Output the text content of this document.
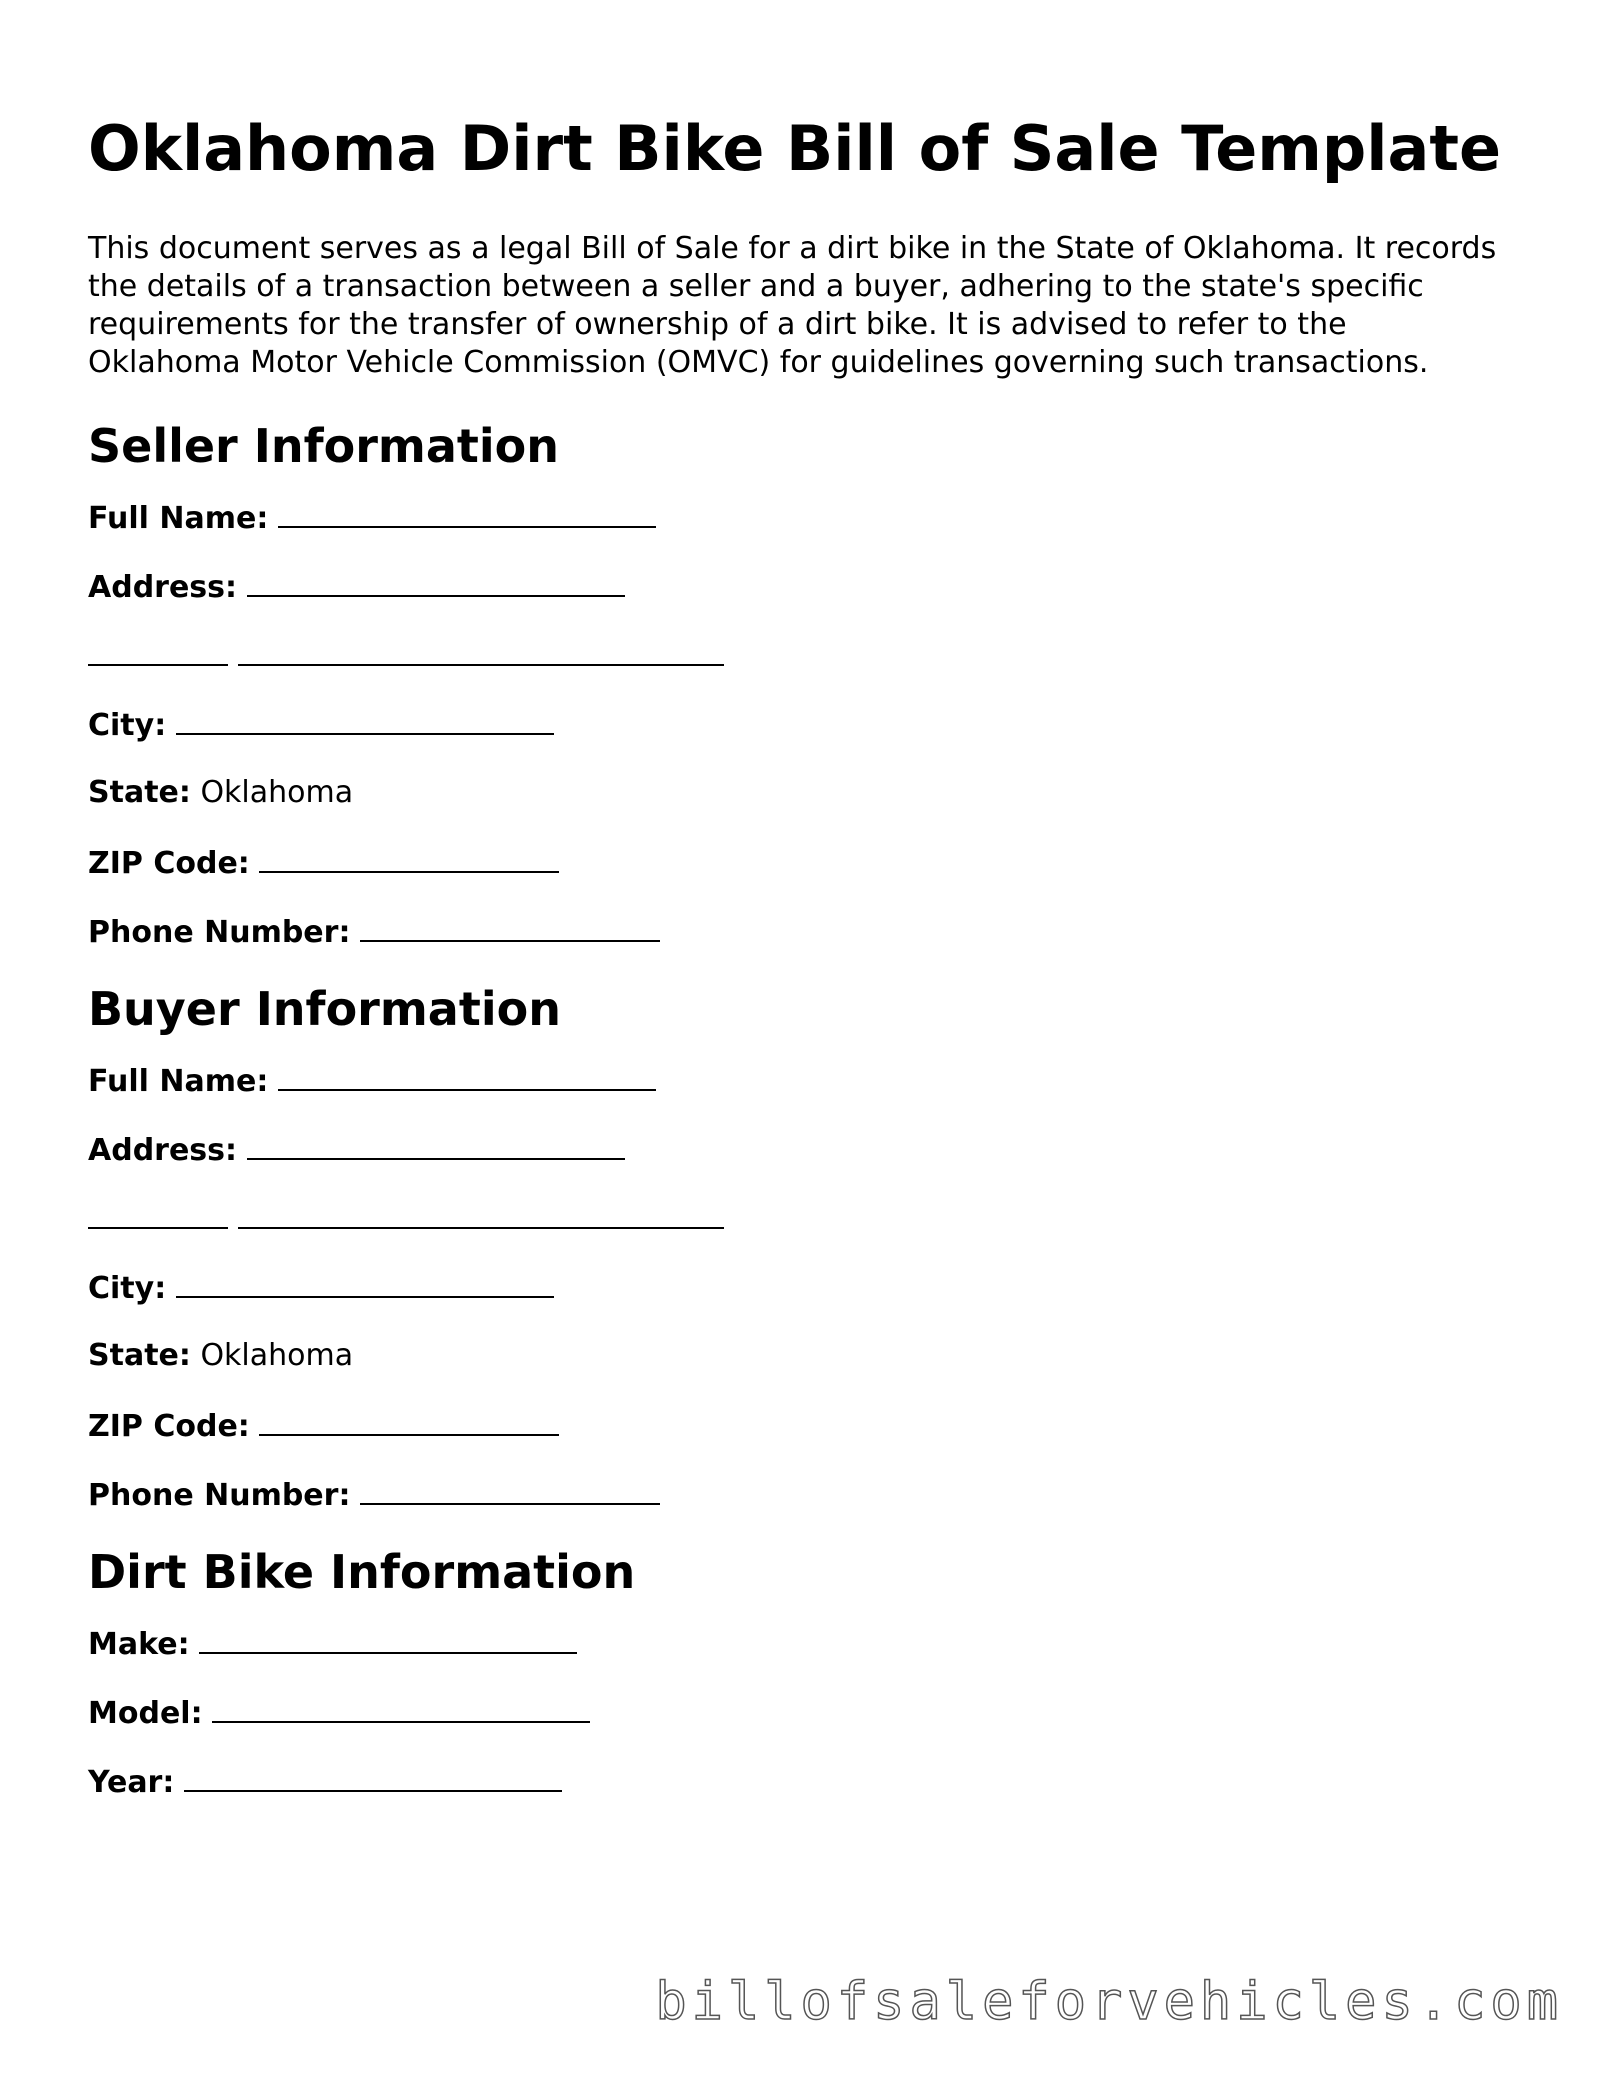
Oklahoma Dirt Bike Bill of Sale Template

This document serves as a legal Bill of Sale for a dirt bike in the State of Oklahoma. It records the details of a transaction between a seller and a buyer, adhering to the state's specific requirements for the transfer of ownership of a dirt bike. It is advised to refer to the Oklahoma Motor Vehicle Commission (OMVC) for guidelines governing such transactions.

Seller Information
Full Name:
Address:

City:
State: Oklahoma
ZIP Code:
Phone Number:
Buyer Information
Full Name:
Address:

City:
State: Oklahoma
ZIP Code:
Phone Number:
Dirt Bike Information
Make:
Model:
Year:
billofsaleforvehicles.com
